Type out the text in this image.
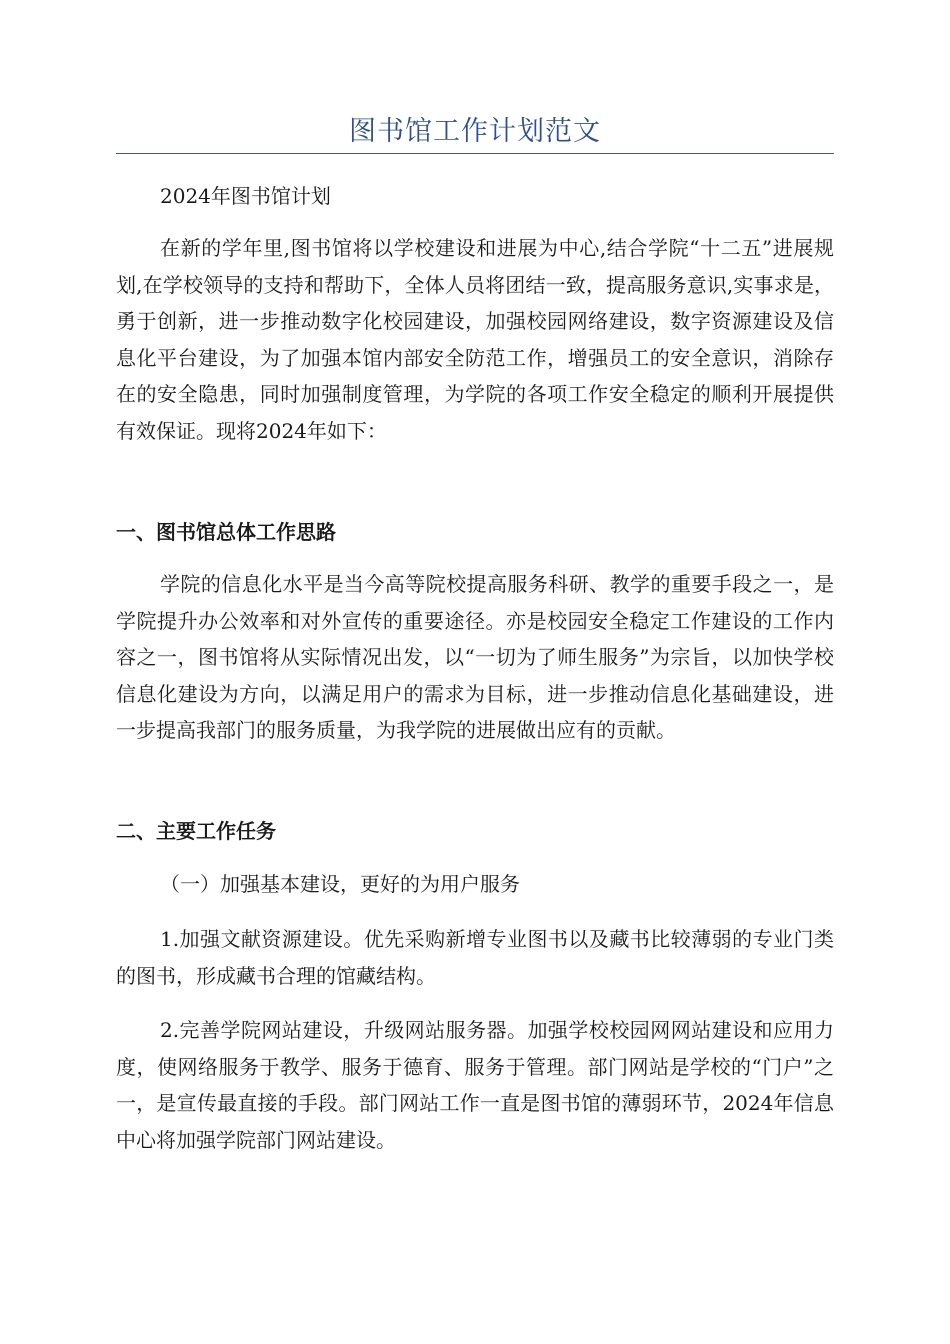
图书馆工作计划范文

2024年图书馆计划

在新的学年里,图书馆将以学校建设和进展为中心,结合学院“十二五”进展规划,在学校领导的支持和帮助下，全体人员将团结一致，提高服务意识,实事求是，勇于创新，进一步推动数字化校园建设，加强校园网络建设，数字资源建设及信息化平台建设，为了加强本馆内部安全防范工作，增强员工的安全意识，消除存在的安全隐患，同时加强制度管理，为学院的各项工作安全稳定的顺利开展提供有效保证。现将2024年如下：

一、图书馆总体工作思路

学院的信息化水平是当今高等院校提高服务科研、教学的重要手段之一，是学院提升办公效率和对外宣传的重要途径。亦是校园安全稳定工作建设的工作内容之一，图书馆将从实际情况出发，以“一切为了师生服务”为宗旨，以加快学校信息化建设为方向，以满足用户的需求为目标，进一步推动信息化基础建设，进一步提高我部门的服务质量，为我学院的进展做出应有的贡献。

二、主要工作任务

（一）加强基本建设，更好的为用户服务

1.加强文献资源建设。优先采购新增专业图书以及藏书比较薄弱的专业门类的图书，形成藏书合理的馆藏结构。

2.完善学院网站建设，升级网站服务器。加强学校校园网网站建设和应用力度，使网络服务于教学、服务于德育、服务于管理。部门网站是学校的“门户”之一，是宣传最直接的手段。部门网站工作一直是图书馆的薄弱环节，2024年信息中心将加强学院部门网站建设。
